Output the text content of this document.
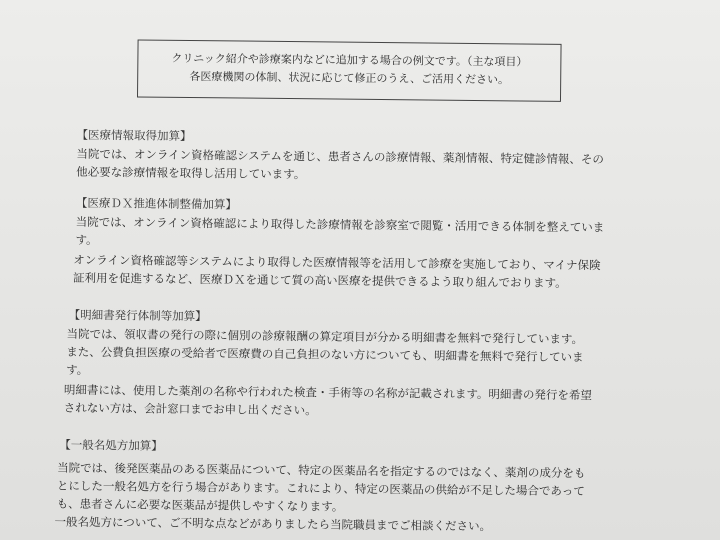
クリニック紹介や診療案内などに追加する場合の例文です。（主な項目）
各医療機関の体制、状況に応じて修正のうえ、ご活用ください。
【医療情報取得加算】
当院では、オンライン資格確認システムを通じ、患者さんの診療情報、薬剤情報、特定健診情報、その
他必要な診療情報を取得し活用しています。
【医療ＤＸ推進体制整備加算】
当院では、オンライン資格確認により取得した診療情報を診察室で閲覧・活用できる体制を整えていま
す。
オンライン資格確認等システムにより取得した医療情報等を活用して診療を実施しており、マイナ保険
証利用を促進するなど、医療ＤＸを通じて質の高い医療を提供できるよう取り組んでおります。
【明細書発行体制等加算】
当院では、領収書の発行の際に個別の診療報酬の算定項目が分かる明細書を無料で発行しています。
また、公費負担医療の受給者で医療費の自己負担のない方についても、明細書を無料で発行していま
す。
明細書には、使用した薬剤の名称や行われた検査・手術等の名称が記載されます。明細書の発行を希望
されない方は、会計窓口までお申し出ください。
【一般名処方加算】
当院では、後発医薬品のある医薬品について、特定の医薬品名を指定するのではなく、薬剤の成分をも
とにした一般名処方を行う場合があります。これにより、特定の医薬品の供給が不足した場合であって
も、患者さんに必要な医薬品が提供しやすくなります。
一般名処方について、ご不明な点などがありましたら当院職員までご相談ください。
